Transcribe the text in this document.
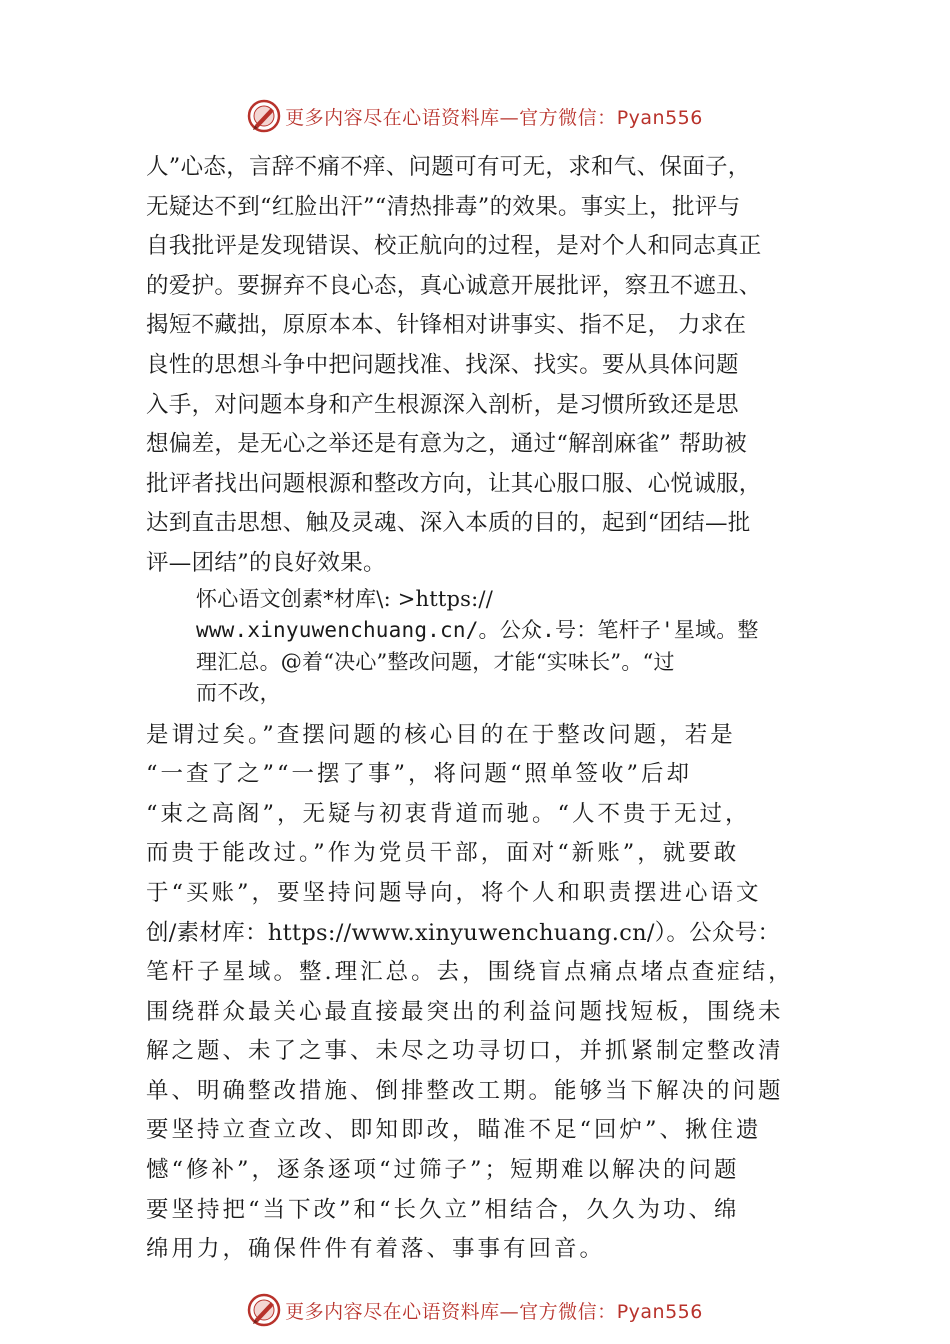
更多内容尽在心语资料库—官方微信：Pyan556
人”心态，言辞不痛不痒、问题可有可无，求和气、保面子，
无疑达不到“红脸出汗”“清热排毒”的效果。事实上，批评与
自我批评是发现错误、校正航向的过程，是对个人和同志真正
的爱护。要摒弃不良心态，真心诚意开展批评，察丑不遮丑、
揭短不藏拙，原原本本、针锋相对讲事实、指不足， 力求在
良性的思想斗争中把问题找准、找深、找实。要从具体问题
入手，对问题本身和产生根源深入剖析，是习惯所致还是思
想偏差，是无心之举还是有意为之，通过“解剖麻雀” 帮助被
批评者找出问题根源和整改方向，让其心服口服、心悦诚服，
达到直击思想、触及灵魂、深入本质的目的，起到“团结—批
评—团结”的良好效果。
怀心语文创素*材库\: >https://
www.xinyuwenchuang.cn/。公众.号：笔杆子'星域。整
理汇总。@着“决心”整改问题，才能“实味长”。“过
而不改，
是谓过矣。”查摆问题的核心目的在于整改问题，若是
“一查了之”“一摆了事”，将问题“照单签收”后却
“束之高阁”，无疑与初衷背道而驰。“人不贵于无过，
而贵于能改过。”作为党员干部，面对“新账”，就要敢
于“买账”，要坚持问题导向，将个人和职责摆进心语文
创/素材库：https://www.xinyuwenchuang.cn/）。公众号：
笔杆子星域。整.理汇总。去，围绕盲点痛点堵点查症结，
围绕群众最关心最直接最突出的利益问题找短板，围绕未
解之题、未了之事、未尽之功寻切口，并抓紧制定整改清
单、明确整改措施、倒排整改工期。能够当下解决的问题
要坚持立查立改、即知即改，瞄准不足“回炉”、揪住遗
憾“修补”，逐条逐项“过筛子”；短期难以解决的问题
要坚持把“当下改”和“长久立”相结合，久久为功、绵
绵用力，确保件件有着落、事事有回音。
更多内容尽在心语资料库—官方微信：Pyan556
